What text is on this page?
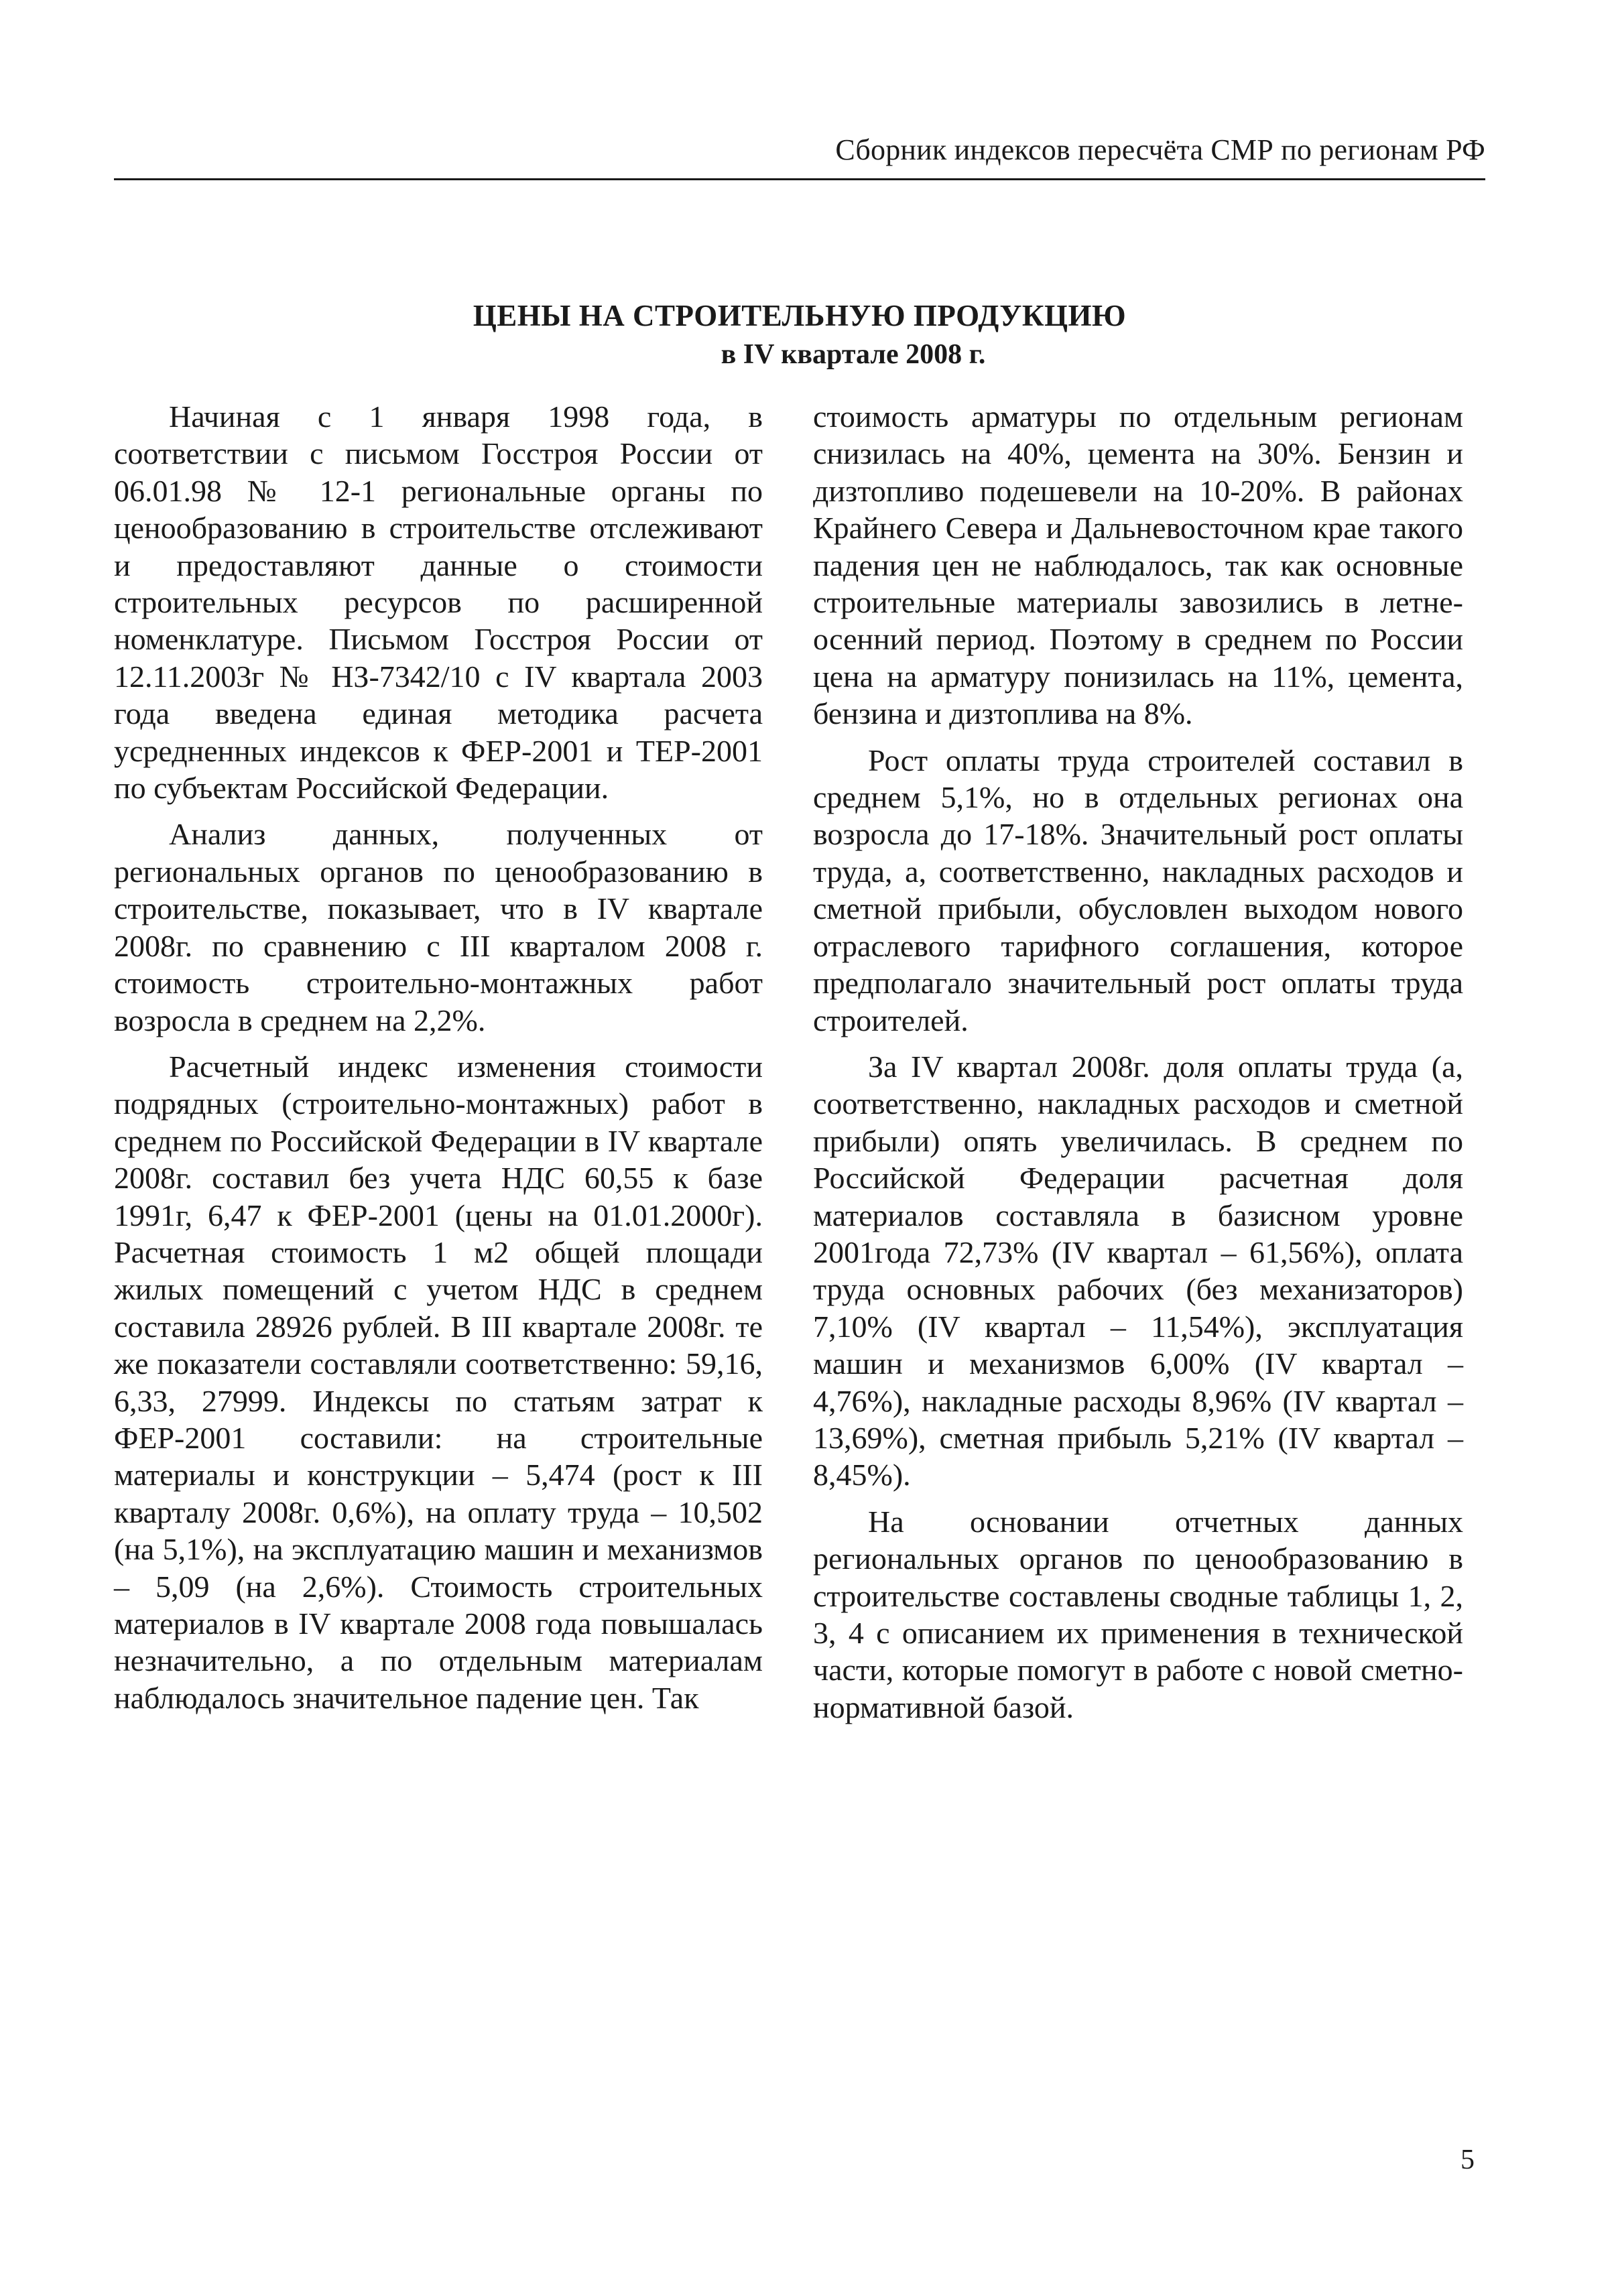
Сборник индексов пересчёта СМР по регионам РФ
ЦЕНЫ НА СТРОИТЕЛЬНУЮ ПРОДУКЦИЮ
в IV квартале 2008 г.

Начиная с 1 января 1998 года, в соответствии с письмом Госстроя России от 06.01.98 № 12-1 региональные органы по ценообразованию в строительстве отслеживают и предоставляют данные о стоимости строительных ресурсов по расширенной номенклатуре. Письмом Госстроя России от 12.11.2003г № НЗ-7342/10 с IV квартала 2003 года введена единая методика расчета усредненных индексов к ФЕР-2001 и ТЕР-2001 по субъектам Российской Федерации.

Анализ данных, полученных от региональных органов по ценообразованию в строительстве, показывает, что в IV квартале 2008г. по сравнению с III кварталом 2008 г. стоимость строительно-монтажных работ возросла в среднем на 2,2%.

Расчетный индекс изменения стоимости подрядных (строительно-монтажных) работ в среднем по Российской Федерации в IV квартале 2008г. составил без учета НДС 60,55 к базе 1991г, 6,47 к ФЕР-2001 (цены на 01.01.2000г). Расчетная стоимость 1 м2 общей площади жилых помещений с учетом НДС в среднем составила 28926 рублей. В III квартале 2008г. те же показатели составляли соответственно: 59,16, 6,33, 27999. Индексы по статьям затрат к ФЕР-2001 составили: на строительные материалы и конструкции – 5,474 (рост к III кварталу 2008г. 0,6%), на оплату труда – 10,502 (на 5,1%), на эксплуатацию машин и механизмов – 5,09 (на 2,6%). Стоимость строительных материалов в IV квартале 2008 года повышалась незначительно, а по отдельным материалам наблюдалось значительное падение цен. Так

стоимость арматуры по отдельным регионам снизилась на 40%, цемента на 30%. Бензин и дизтопливо подешевели на 10-20%. В районах Крайнего Севера и Дальневосточном крае такого падения цен не наблюдалось, так как основные строительные материалы завозились в летне-осенний период. Поэтому в среднем по России цена на арматуру понизилась на 11%, цемента, бензина и дизтоплива на 8%.

Рост оплаты труда строителей составил в среднем 5,1%, но в отдельных регионах она возросла до 17-18%. Значительный рост оплаты труда, а, соответственно, накладных расходов и сметной прибыли, обусловлен выходом нового отраслевого тарифного соглашения, которое предполагало значительный рост оплаты труда строителей.

За IV квартал 2008г. доля оплаты труда (а, соответственно, накладных расходов и сметной прибыли) опять увеличилась. В среднем по Российской Федерации расчетная доля материалов составляла в базисном уровне 2001года 72,73% (IV квартал – 61,56%), оплата труда основных рабочих (без механизаторов) 7,10% (IV квартал – 11,54%), эксплуатация машин и механизмов 6,00% (IV квартал – 4,76%), накладные расходы 8,96% (IV квартал – 13,69%), сметная прибыль 5,21% (IV квартал – 8,45%).

На основании отчетных данных региональных органов по ценообразованию в строительстве составлены сводные таблицы 1, 2, 3, 4 с описанием их применения в технической части, которые помогут в работе с новой сметно-нормативной базой.

5
